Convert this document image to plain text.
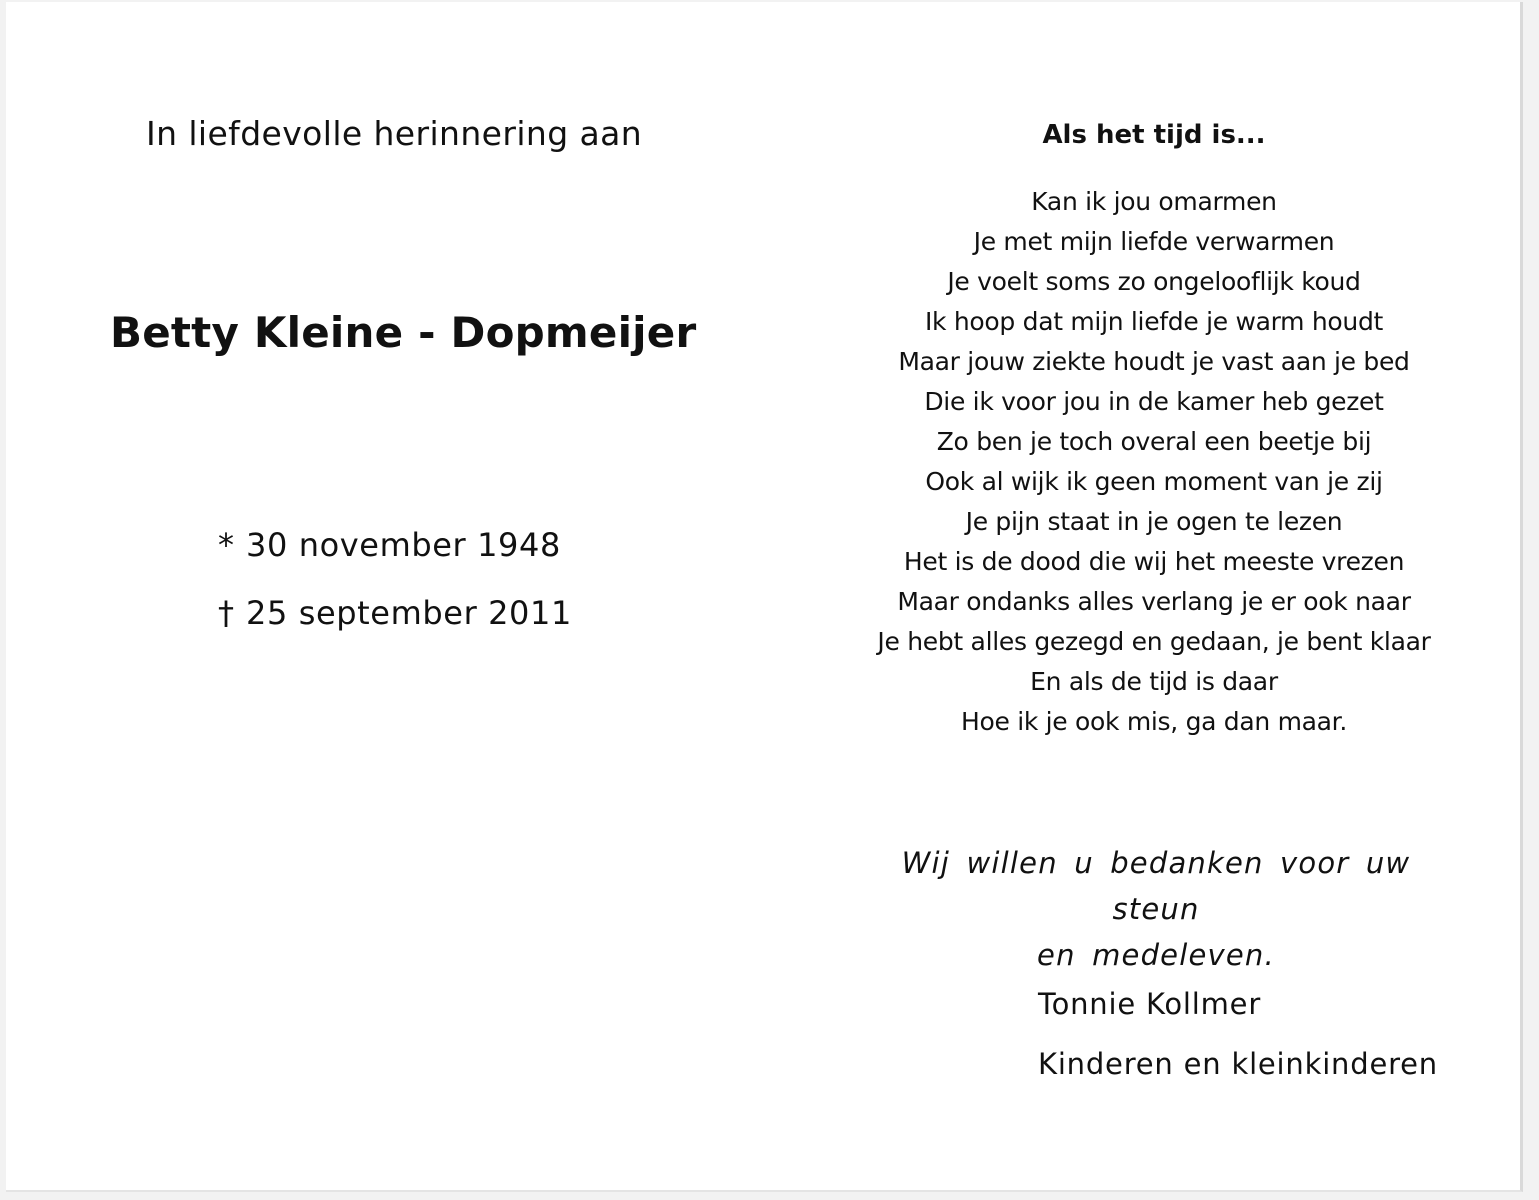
In liefdevolle herinnering aan
Betty Kleine - Dopmeijer
* 30 november 1948
† 25 september 2011
Als het tijd is...
Kan ik jou omarmen
Je met mijn liefde verwarmen
Je voelt soms zo ongelooflijk koud
Ik hoop dat mijn liefde je warm houdt
Maar jouw ziekte houdt je vast aan je bed
Die ik voor jou in de kamer heb gezet
Zo ben je toch overal een beetje bij
Ook al wijk ik geen moment van je zij
Je pijn staat in je ogen te lezen
Het is de dood die wij het meeste vrezen
Maar ondanks alles verlang je er ook naar
Je hebt alles gezegd en gedaan, je bent klaar
En als de tijd is daar
Hoe ik je ook mis, ga dan maar.
Wij willen u bedanken voor uw steun
en medeleven.
Tonnie Kollmer
Kinderen en kleinkinderen
